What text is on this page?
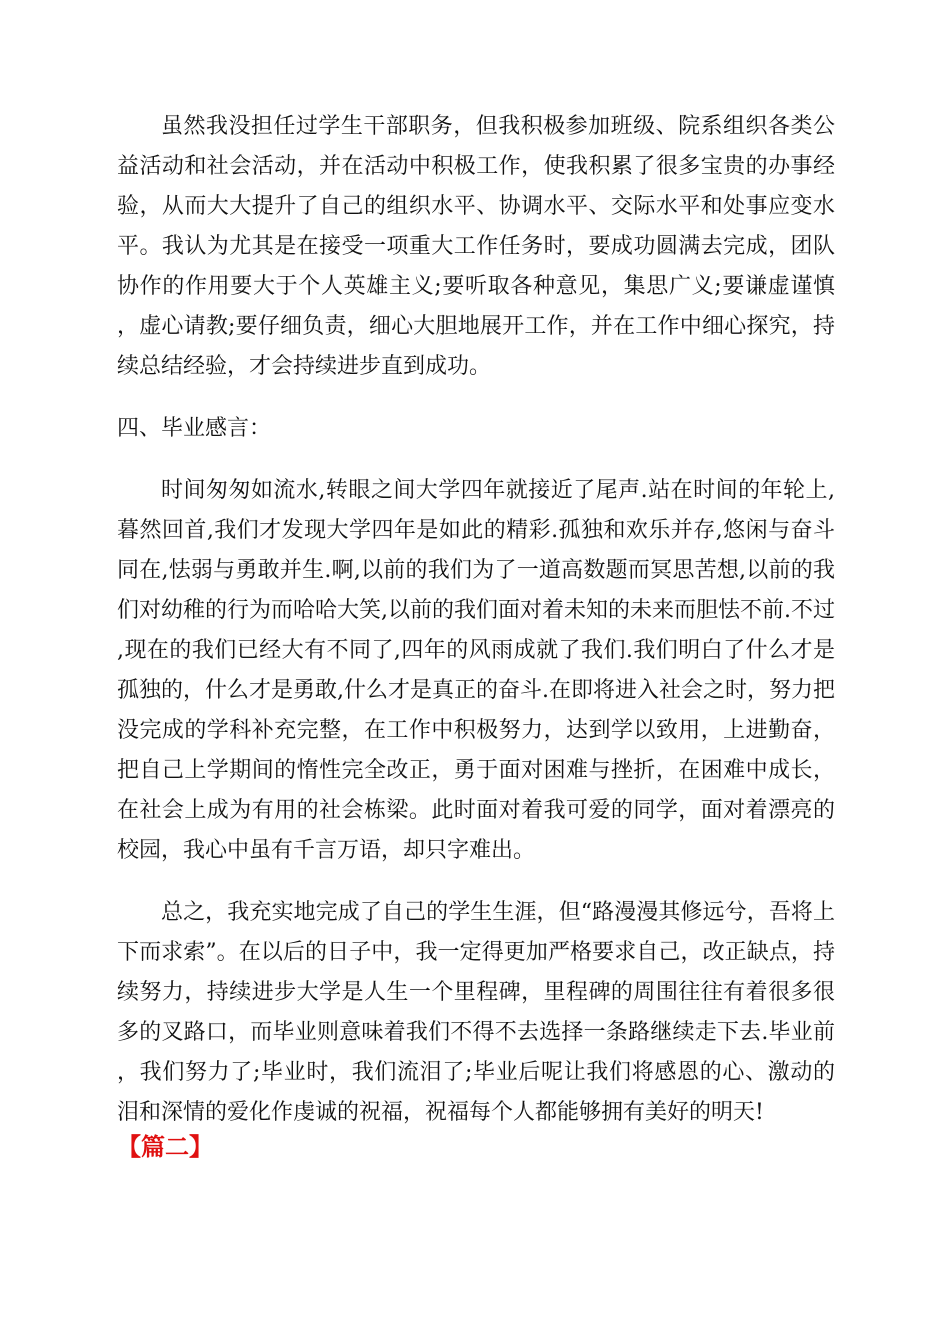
虽然我没担任过学生干部职务，但我积极参加班级、院系组织各类公益活动和社会活动，并在活动中积极工作，使我积累了很多宝贵的办事经验，从而大大提升了自己的组织水平、协调水平、交际水平和处事应变水平。我认为尤其是在接受一项重大工作任务时，要成功圆满去完成，团队协作的作用要大于个人英雄主义;要听取各种意见，集思广义;要谦虚谨慎，虚心请教;要仔细负责，细心大胆地展开工作，并在工作中细心探究，持续总结经验，才会持续进步直到成功。

四、毕业感言：

时间匆匆如流水,转眼之间大学四年就接近了尾声.站在时间的年轮上,暮然回首,我们才发现大学四年是如此的精彩.孤独和欢乐并存,悠闲与奋斗同在,怯弱与勇敢并生.啊,以前的我们为了一道高数题而冥思苦想,以前的我们对幼稚的行为而哈哈大笑,以前的我们面对着未知的未来而胆怯不前.不过,现在的我们已经大有不同了,四年的风雨成就了我们.我们明白了什么才是孤独的，什么才是勇敢,什么才是真正的奋斗.在即将进入社会之时，努力把没完成的学科补充完整，在工作中积极努力，达到学以致用，上进勤奋，把自己上学期间的惰性完全改正，勇于面对困难与挫折，在困难中成长，在社会上成为有用的社会栋梁。此时面对着我可爱的同学，面对着漂亮的校园，我心中虽有千言万语，却只字难出。

总之，我充实地完成了自己的学生生涯，但“路漫漫其修远兮，吾将上下而求索”。在以后的日子中，我一定得更加严格要求自己，改正缺点，持续努力，持续进步大学是人生一个里程碑，里程碑的周围往往有着很多很多的叉路口，而毕业则意味着我们不得不去选择一条路继续走下去.毕业前，我们努力了;毕业时，我们流泪了;毕业后呢让我们将感恩的心、激动的泪和深情的爱化作虔诚的祝福，祝福每个人都能够拥有美好的明天!

【篇二】
